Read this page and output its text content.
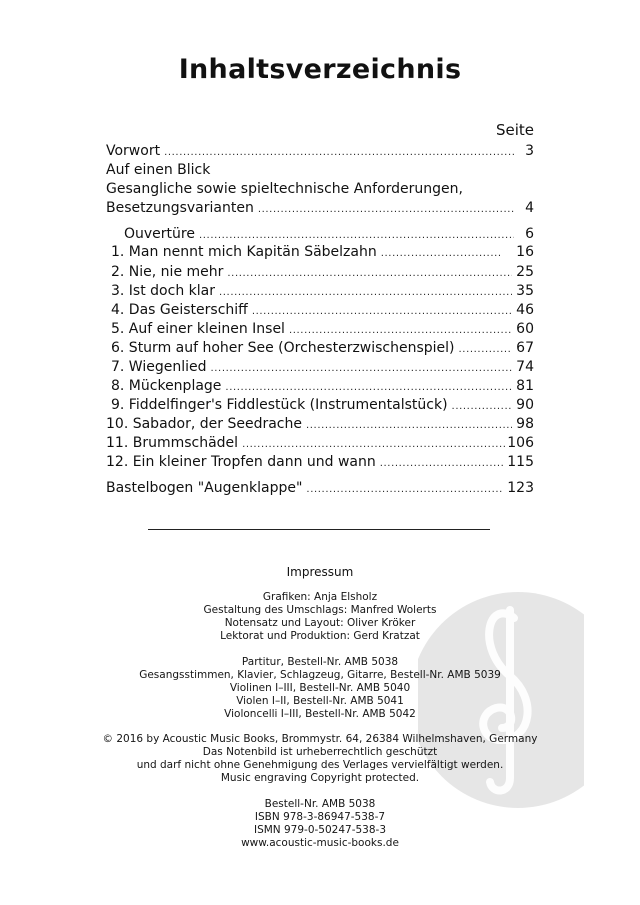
Inhaltsverzeichnis
Seite
Vorwort .....	3
Auf einen Blick
Gesangliche sowie spieltechnische Anforderungen,
Besetzungsvarianten .....	4
Ouvertüre .....	6
1. Man nennt mich Kapitän Säbelzahn .....	16
2. Nie, nie mehr .....	25
3. Ist doch klar .....	35
4. Das Geisterschiff .....	46
5. Auf einer kleinen Insel .....	60
6. Sturm auf hoher See (Orchesterzwischenspiel) .....	67
7. Wiegenlied .....	74
8. Mückenplage .....	81
9. Fiddelfinger's Fiddlestück (Instrumentalstück) .....	90
10. Sabador, der Seedrache .....	98
11. Brummschädel .....	106
12. Ein kleiner Tropfen dann und wann .....	115
Bastelbogen "Augenklappe" .....	123
Impressum
Grafiken: Anja Elsholz
Gestaltung des Umschlags: Manfred Wolerts
Notensatz und Layout: Oliver Kröker
Lektorat und Produktion: Gerd Kratzat
Partitur, Bestell-Nr. AMB 5038
Gesangsstimmen, Klavier, Schlagzeug, Gitarre, Bestell-Nr. AMB 5039
Violinen I–III, Bestell-Nr. AMB 5040
Violen I–II, Bestell-Nr. AMB 5041
Violoncelli I–III, Bestell-Nr. AMB 5042
© 2016 by Acoustic Music Books, Brommystr. 64, 26384 Wilhelmshaven, Germany
Das Notenbild ist urheberrechtlich geschützt
und darf nicht ohne Genehmigung des Verlages vervielfältigt werden.
Music engraving Copyright protected.
Bestell-Nr. AMB 5038
ISBN 978-3-86947-538-7
ISMN 979-0-50247-538-3
www.acoustic-music-books.de
